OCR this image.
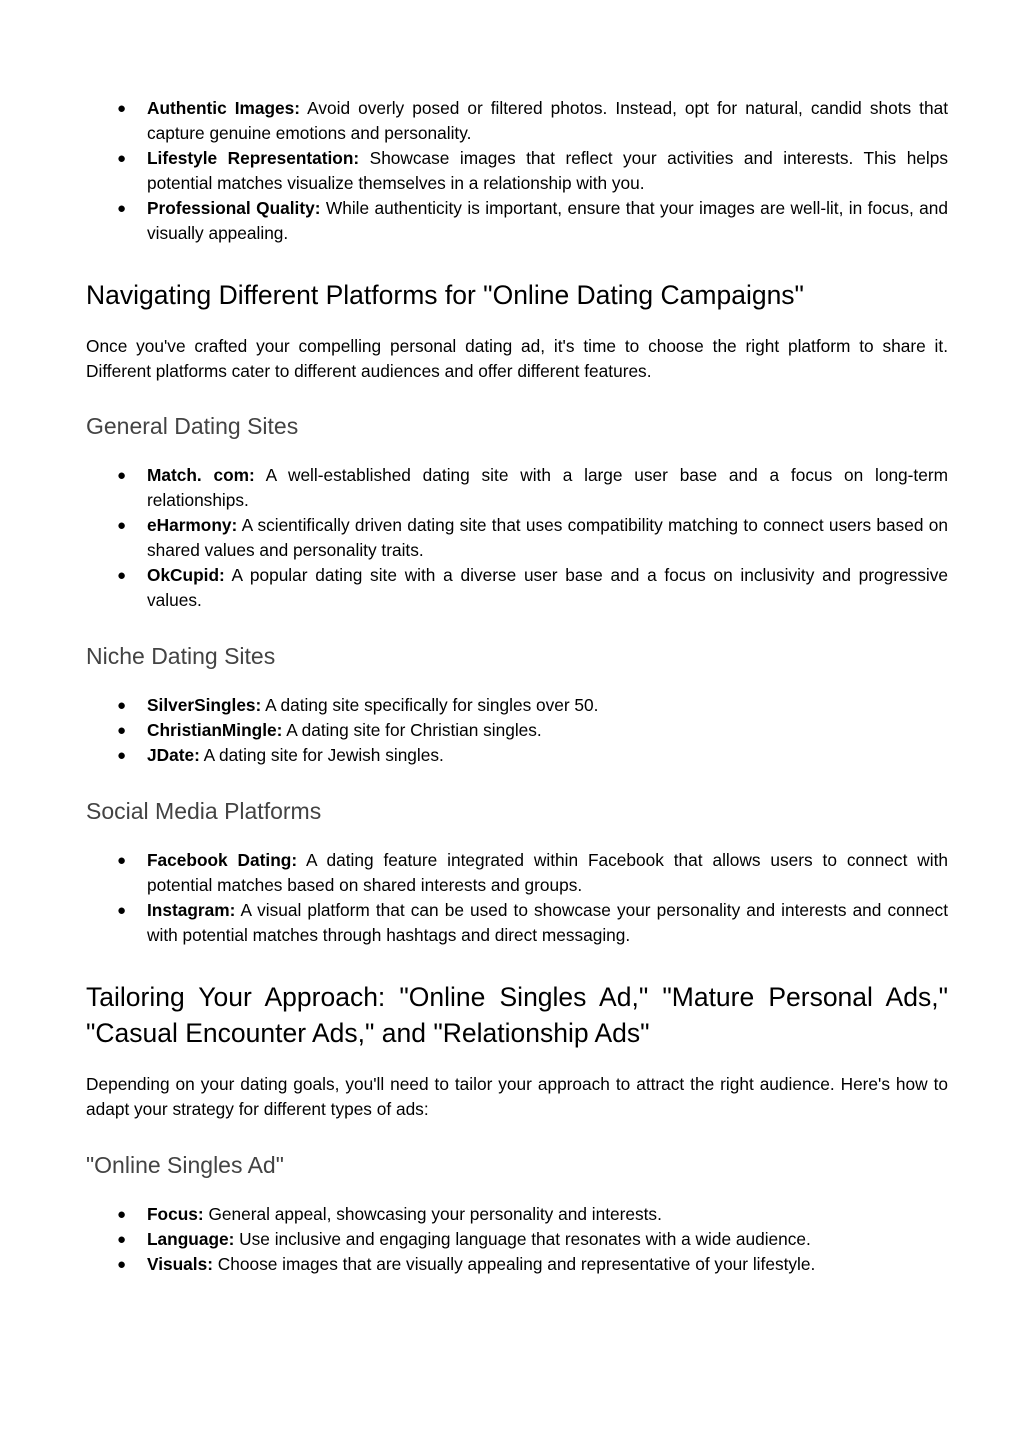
● Authentic Images: Avoid overly posed or filtered photos. Instead, opt for natural, candid shots that capture genuine emotions and personality.
● Lifestyle Representation: Showcase images that reflect your activities and interests. This helps potential matches visualize themselves in a relationship with you.
● Professional Quality: While authenticity is important, ensure that your images are well-lit, in focus, and visually appealing.
Navigating Different Platforms for "Online Dating Campaigns"

Once you've crafted your compelling personal dating ad, it's time to choose the right platform to share it. Different platforms cater to different audiences and offer different features.

General Dating Sites
● Match. com: A well-established dating site with a large user base and a focus on long-term relationships.
● eHarmony: A scientifically driven dating site that uses compatibility matching to connect users based on shared values and personality traits.
● OkCupid: A popular dating site with a diverse user base and a focus on inclusivity and progressive values.
Niche Dating Sites
● SilverSingles: A dating site specifically for singles over 50.
● ChristianMingle: A dating site for Christian singles.
● JDate: A dating site for Jewish singles.
Social Media Platforms
● Facebook Dating: A dating feature integrated within Facebook that allows users to connect with potential matches based on shared interests and groups.
● Instagram: A visual platform that can be used to showcase your personality and interests and connect with potential matches through hashtags and direct messaging.
Tailoring Your Approach: "Online Singles Ad," "Mature Personal Ads," "Casual Encounter Ads," and "Relationship Ads"

Depending on your dating goals, you'll need to tailor your approach to attract the right audience. Here's how to adapt your strategy for different types of ads:

"Online Singles Ad"
● Focus: General appeal, showcasing your personality and interests.
● Language: Use inclusive and engaging language that resonates with a wide audience.
● Visuals: Choose images that are visually appealing and representative of your lifestyle.
